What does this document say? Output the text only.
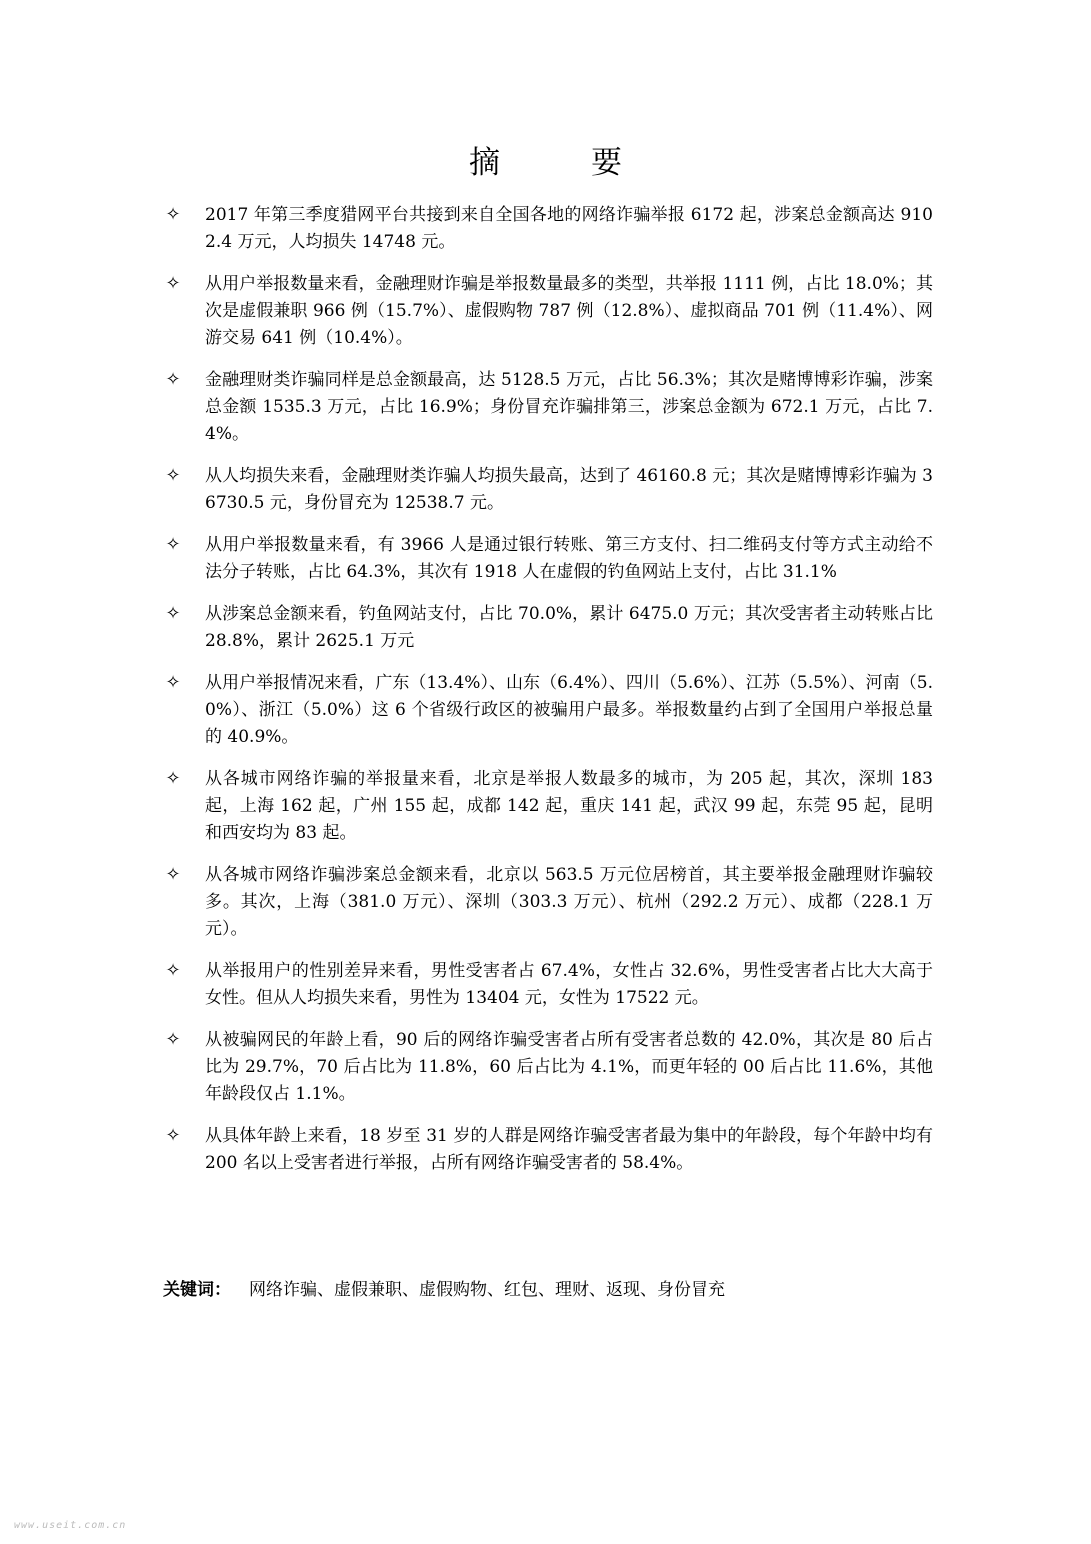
摘　要
✧ 2017 年第三季度猎网平台共接到来自全国各地的网络诈骗举报 6172 起，涉案总金额高达 9102.4 万元，人均损失 14748 元。
✧ 从用户举报数量来看，金融理财诈骗是举报数量最多的类型，共举报 1111 例，占比 18.0%；其次是虚假兼职 966 例（15.7%）、虚假购物 787 例（12.8%）、虚拟商品 701 例（11.4%）、网游交易 641 例（10.4%）。
✧ 金融理财类诈骗同样是总金额最高，达 5128.5 万元，占比 56.3%；其次是赌博博彩诈骗，涉案总金额 1535.3 万元，占比 16.9%；身份冒充诈骗排第三，涉案总金额为 672.1 万元，占比 7.4%。
✧ 从人均损失来看，金融理财类诈骗人均损失最高，达到了 46160.8 元；其次是赌博博彩诈骗为 36730.5 元，身份冒充为 12538.7 元。
✧ 从用户举报数量来看，有 3966 人是通过银行转账、第三方支付、扫二维码支付等方式主动给不法分子转账，占比 64.3%，其次有 1918 人在虚假的钓鱼网站上支付，占比 31.1%
✧ 从涉案总金额来看，钓鱼网站支付，占比 70.0%，累计 6475.0 万元；其次受害者主动转账占比 28.8%，累计 2625.1 万元
✧ 从用户举报情况来看，广东（13.4%）、山东（6.4%）、四川（5.6%）、江苏（5.5%）、河南（5.0%）、浙江（5.0%）这 6 个省级行政区的被骗用户最多。举报数量约占到了全国用户举报总量的 40.9%。
✧ 从各城市网络诈骗的举报量来看，北京是举报人数最多的城市，为 205 起，其次，深圳 183 起，上海 162 起，广州 155 起，成都 142 起，重庆 141 起，武汉 99 起，东莞 95 起，昆明和西安均为 83 起。
✧ 从各城市网络诈骗涉案总金额来看，北京以 563.5 万元位居榜首，其主要举报金融理财诈骗较多。其次，上海（381.0 万元）、深圳（303.3 万元）、杭州（292.2 万元）、成都（228.1 万元）。
✧ 从举报用户的性别差异来看，男性受害者占 67.4%，女性占 32.6%，男性受害者占比大大高于女性。但从人均损失来看，男性为 13404 元，女性为 17522 元。
✧ 从被骗网民的年龄上看，90 后的网络诈骗受害者占所有受害者总数的 42.0%，其次是 80 后占比为 29.7%，70 后占比为 11.8%，60 后占比为 4.1%，而更年轻的 00 后占比 11.6%，其他年龄段仅占 1.1%。
✧ 从具体年龄上来看，18 岁至 31 岁的人群是网络诈骗受害者最为集中的年龄段，每个年龄中均有 200 名以上受害者进行举报，占所有网络诈骗受害者的 58.4%。
关键词： 网络诈骗、虚假兼职、虚假购物、红包、理财、返现、身份冒充
www.useit.com.cn
